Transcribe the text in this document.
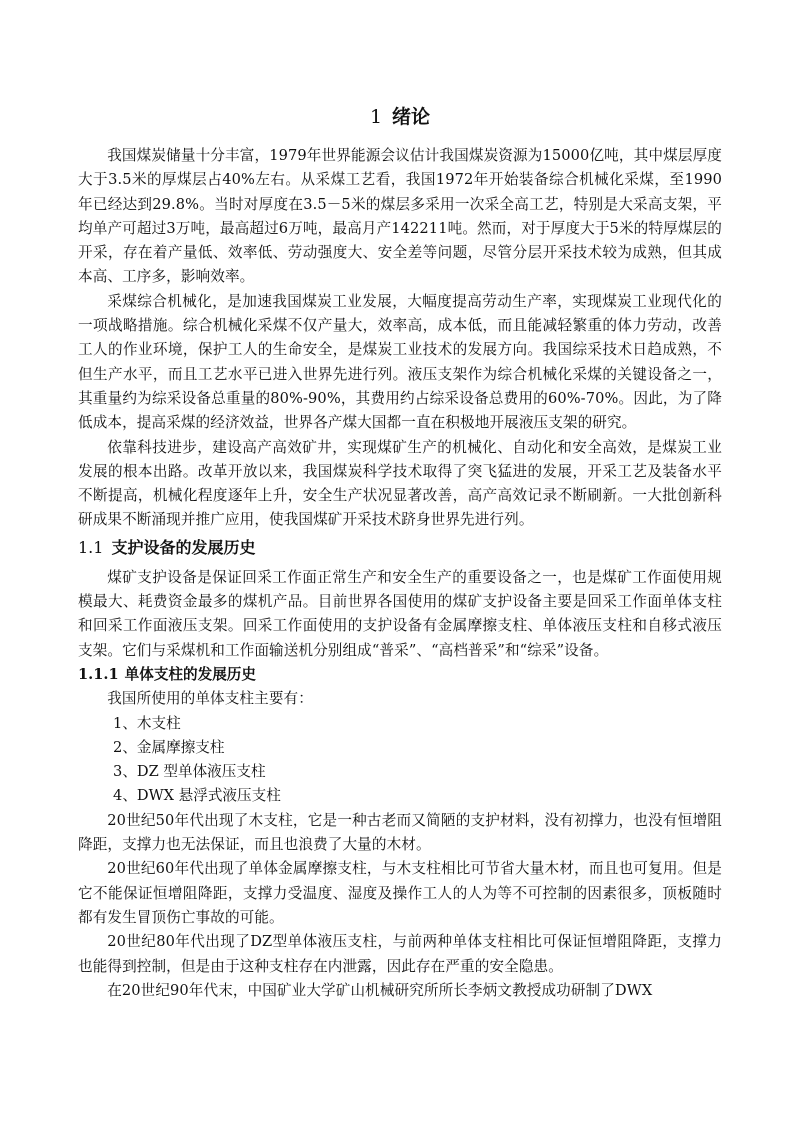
1 绪论

我国煤炭储量十分丰富，1979年世界能源会议估计我国煤炭资源为15000亿吨，其中煤层厚度大于3.5米的厚煤层占40%左右。从采煤工艺看，我国1972年开始装备综合机械化采煤，至1990年已经达到29.8%。当时对厚度在3.5－5米的煤层多采用一次采全高工艺，特别是大采高支架，平均单产可超过3万吨，最高超过6万吨，最高月产142211吨。然而，对于厚度大于5米的特厚煤层的开采，存在着产量低、效率低、劳动强度大、安全差等问题，尽管分层开采技术较为成熟，但其成本高、工序多，影响效率。

采煤综合机械化，是加速我国煤炭工业发展，大幅度提高劳动生产率，实现煤炭工业现代化的一项战略措施。综合机械化采煤不仅产量大，效率高，成本低，而且能减轻繁重的体力劳动，改善工人的作业环境，保护工人的生命安全，是煤炭工业技术的发展方向。我国综采技术日趋成熟，不但生产水平，而且工艺水平已进入世界先进行列。液压支架作为综合机械化采煤的关键设备之一，其重量约为综采设备总重量的80%-90%，其费用约占综采设备总费用的60%-70%。因此，为了降低成本，提高采煤的经济效益，世界各产煤大国都一直在积极地开展液压支架的研究。

依靠科技进步，建设高产高效矿井，实现煤矿生产的机械化、自动化和安全高效，是煤炭工业发展的根本出路。改革开放以来，我国煤炭科学技术取得了突飞猛进的发展，开采工艺及装备水平不断提高，机械化程度逐年上升，安全生产状况显著改善，高产高效记录不断刷新。一大批创新科研成果不断涌现并推广应用，使我国煤矿开采技术跻身世界先进行列。

1.1 支护设备的发展历史

煤矿支护设备是保证回采工作面正常生产和安全生产的重要设备之一，也是煤矿工作面使用规模最大、耗费资金最多的煤机产品。目前世界各国使用的煤矿支护设备主要是回采工作面单体支柱和回采工作面液压支架。回采工作面使用的支护设备有金属摩擦支柱、单体液压支柱和自移式液压支架。它们与采煤机和工作面输送机分别组成“普采”、“高档普采”和“综采”设备。

1.1.1 单体支柱的发展历史

我国所使用的单体支柱主要有：

1、木支柱
2、金属摩擦支柱
3、DZ 型单体液压支柱
4、DWX 悬浮式液压支柱

20世纪50年代出现了木支柱，它是一种古老而又简陋的支护材料，没有初撑力，也没有恒增阻降距，支撑力也无法保证，而且也浪费了大量的木材。

20世纪60年代出现了单体金属摩擦支柱，与木支柱相比可节省大量木材，而且也可复用。但是它不能保证恒增阻降距，支撑力受温度、湿度及操作工人的人为等不可控制的因素很多，顶板随时都有发生冒顶伤亡事故的可能。

20世纪80年代出现了DZ型单体液压支柱，与前两种单体支柱相比可保证恒增阻降距，支撑力也能得到控制，但是由于这种支柱存在内泄露，因此存在严重的安全隐患。

在20世纪90年代末，中国矿业大学矿山机械研究所所长李炳文教授成功研制了DWX
